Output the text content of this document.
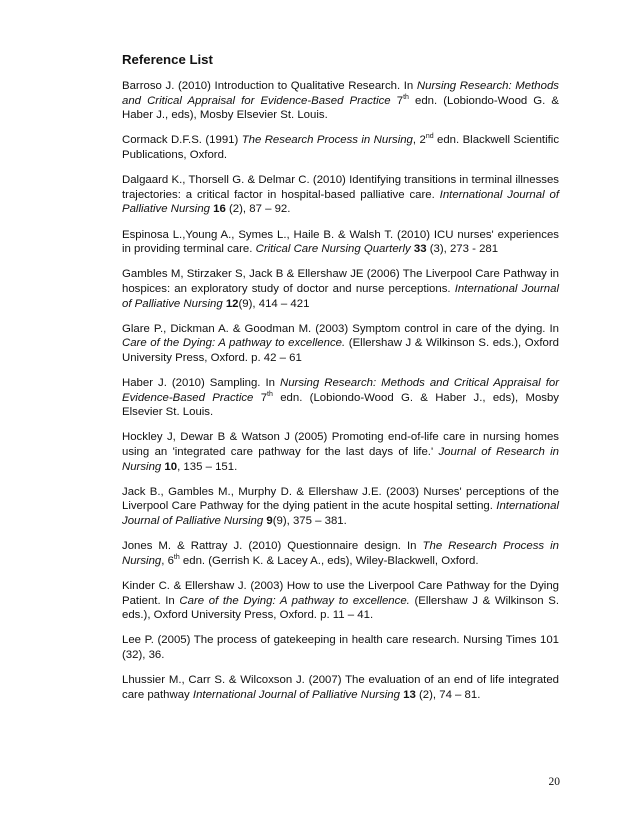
Reference List

Barroso J. (2010) Introduction to Qualitative Research. In Nursing Research: Methods and Critical Appraisal for Evidence-Based Practice 7th edn. (Lobiondo-Wood G. & Haber J., eds), Mosby Elsevier St. Louis.

Cormack D.F.S. (1991) The Research Process in Nursing, 2nd edn. Blackwell Scientific Publications, Oxford.

Dalgaard K., Thorsell G. & Delmar C. (2010) Identifying transitions in terminal illnesses trajectories: a critical factor in hospital-based palliative care. International Journal of Palliative Nursing 16 (2), 87 – 92.

Espinosa L.,Young A., Symes L., Haile B. & Walsh T. (2010) ICU nurses' experiences in providing terminal care. Critical Care Nursing Quarterly 33 (3), 273 - 281

Gambles M, Stirzaker S, Jack B & Ellershaw JE (2006) The Liverpool Care Pathway in hospices: an exploratory study of doctor and nurse perceptions. International Journal of Palliative Nursing 12(9), 414 – 421

Glare P., Dickman A. & Goodman M. (2003) Symptom control in care of the dying. In Care of the Dying: A pathway to excellence. (Ellershaw J & Wilkinson S. eds.), Oxford University Press, Oxford. p. 42 – 61

Haber J. (2010) Sampling. In Nursing Research: Methods and Critical Appraisal for Evidence-Based Practice 7th edn. (Lobiondo-Wood G. & Haber J., eds), Mosby Elsevier St. Louis.

Hockley J, Dewar B & Watson J (2005) Promoting end-of-life care in nursing homes using an 'integrated care pathway for the last days of life.' Journal of Research in Nursing 10, 135 – 151.

Jack B., Gambles M., Murphy D. & Ellershaw J.E. (2003) Nurses' perceptions of the Liverpool Care Pathway for the dying patient in the acute hospital setting. International Journal of Palliative Nursing 9(9), 375 – 381.

Jones M. & Rattray J. (2010) Questionnaire design. In The Research Process in Nursing, 6th edn. (Gerrish K. & Lacey A., eds), Wiley-Blackwell, Oxford.

Kinder C. & Ellershaw J. (2003) How to use the Liverpool Care Pathway for the Dying Patient. In Care of the Dying: A pathway to excellence. (Ellershaw J & Wilkinson S. eds.), Oxford University Press, Oxford. p. 11 – 41.

Lee P. (2005) The process of gatekeeping in health care research. Nursing Times 101 (32), 36.

Lhussier M., Carr S. & Wilcoxson J. (2007) The evaluation of an end of life integrated care pathway International Journal of Palliative Nursing 13 (2), 74 – 81.

20
